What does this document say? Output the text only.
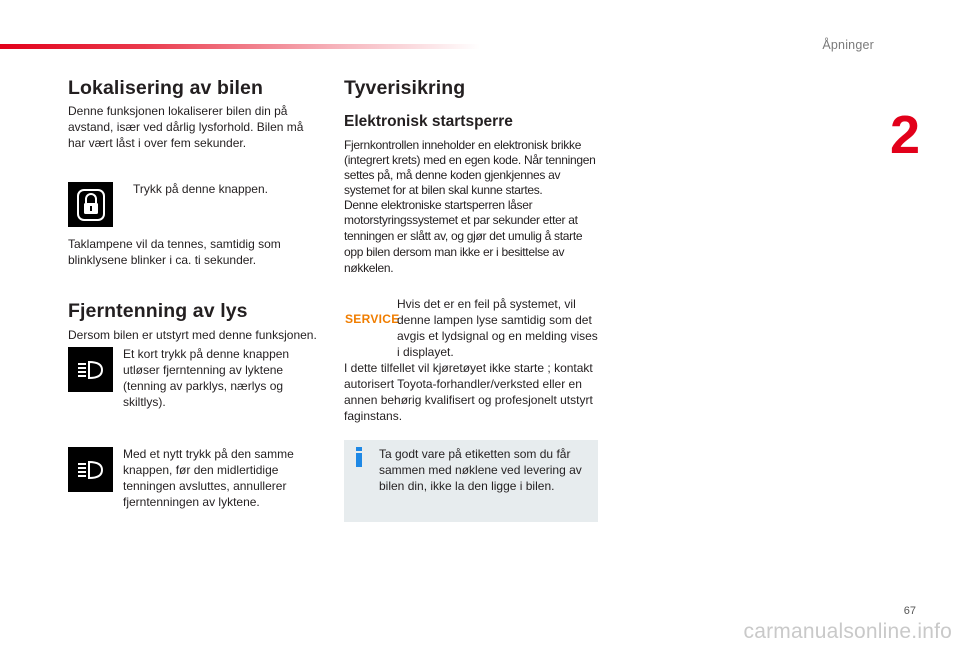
Åpninger
2
Lokalisering av bilen

Denne funksjonen lokaliserer bilen din på

avstand, især ved dårlig lysforhold. Bilen må

har vært låst i over fem sekunder.

Trykk på denne knappen.

Taklampene vil da tennes, samtidig som

blinklysene blinker i ca. ti sekunder.

Fjerntenning av lys

Dersom bilen er utstyrt med denne funksjonen.

Et kort trykk på denne knappen

utløser fjerntenning av lyktene

(tenning av parklys, nærlys og

skiltlys).

Med et nytt trykk på den samme

knappen, før den midlertidige

tenningen avsluttes, annullerer

fjerntenningen av lyktene.

Tyverisikring
Elektronisk startsperre

Fjernkontrollen inneholder en elektronisk brikke

(integrert krets) med en egen kode. Når tenningen

settes på, må denne koden gjenkjennes av

systemet for at bilen skal kunne startes.

Denne elektroniske startsperren låser

motorstyringssystemet et par sekunder etter at

tenningen er slått av, og gjør det umulig å starte

opp bilen dersom man ikke er i besittelse av

nøkkelen.

SERVICE

Hvis det er en feil på systemet, vil

denne lampen lyse samtidig som det

avgis et lydsignal og en melding vises

i displayet.

I dette tilfellet vil kjøretøyet ikke starte ; kontakt

autorisert Toyota-forhandler/verksted eller en

annen behørig kvalifisert og profesjonelt utstyrt

faginstans.

Ta godt vare på etiketten som du får

sammen med nøklene ved levering av

bilen din, ikke la den ligge i bilen.

67
carmanualsonline.info
